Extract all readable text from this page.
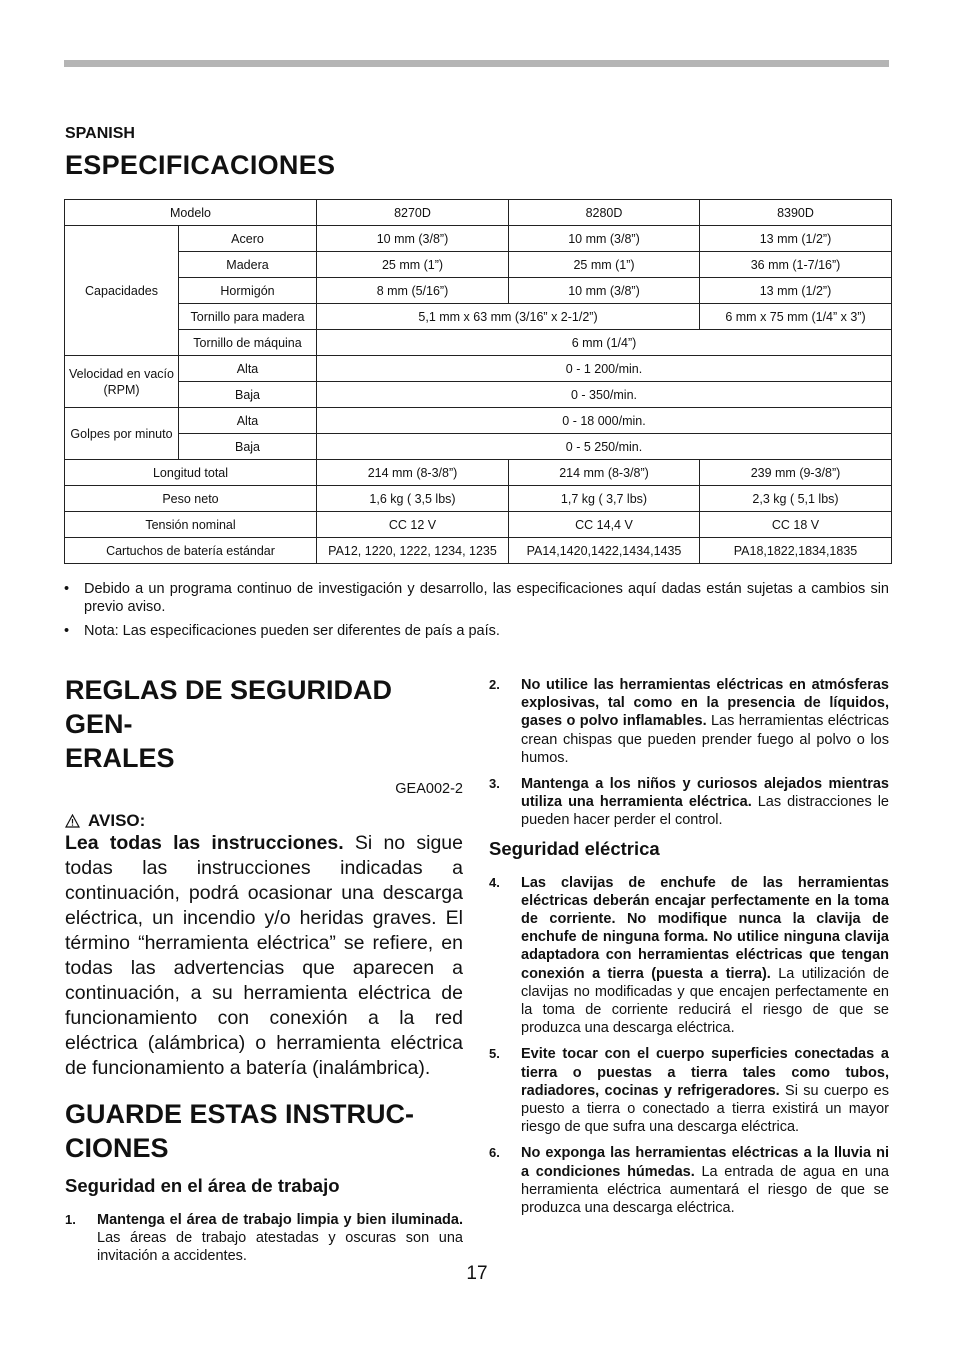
SPANISH
ESPECIFICACIONES
Modelo		8270D	8280D	8390D
Capacidades	Acero	10 mm (3/8”)	10 mm (3/8”)	13 mm (1/2”)
	Madera	25 mm (1”)	25 mm (1”)	36 mm (1-7/16”)
	Hormigón	8 mm (5/16”)	10 mm (3/8”)	13 mm (1/2”)
	Tornillo para madera	5,1 mm x 63 mm (3/16” x 2-1/2”)		6 mm x 75 mm (1/4” x 3”)
	Tornillo de máquina	6 mm (1/4”)		
Velocidad en vacío (RPM)	Alta	0 - 1 200/min.		
	Baja	0 - 350/min.		
Golpes por minuto	Alta	0 - 18 000/min.		
	Baja	0 - 5 250/min.		
Longitud total		214 mm (8-3/8”)	214 mm (8-3/8”)	239 mm (9-3/8”)
Peso neto		1,6 kg ( 3,5 lbs)	1,7 kg ( 3,7 lbs)	2,3 kg ( 5,1 lbs)
Tensión nominal		CC 12 V	CC 14,4 V	CC 18 V
Cartuchos de batería estándar		PA12, 1220, 1222, 1234, 1235	PA14,1420,1422,1434,1435	PA18,1822,1834,1835
•	Debido a un programa continuo de investigación y desarrollo, las especificaciones aquí dadas están sujetas a cambios sin previo aviso.
•	Nota: Las especificaciones pueden ser diferentes de país a país.
REGLAS DE SEGURIDAD GEN-
ERALES
GEA002-2
AVISO:
Lea todas las instrucciones. Si no sigue todas las instrucciones indicadas a continuación, podrá ocasionar una descarga eléctrica, un incendio y/o heridas graves. El término “herramienta eléctrica” se refiere, en todas las advertencias que aparecen a continuación, a su herramienta eléctrica de funcionamiento con conexión a la red eléctrica (alámbrica) o herramienta eléctrica de funcionamiento a batería (inalámbrica).
GUARDE ESTAS INSTRUC-
CIONES
Seguridad en el área de trabajo
1.	Mantenga el área de trabajo limpia y bien iluminada. Las áreas de trabajo atestadas y oscuras son una invitación a accidentes.
2.	No utilice las herramientas eléctricas en atmósferas explosivas, tal como en la presencia de líquidos, gases o polvo inflamables. Las herramientas eléctricas crean chispas que pueden prender fuego al polvo o los humos.
3.	Mantenga a los niños y curiosos alejados mientras utiliza una herramienta eléctrica. Las distracciones le pueden hacer perder el control.
Seguridad eléctrica
4.	Las clavijas de enchufe de las herramientas eléctricas deberán encajar perfectamente en la toma de corriente. No modifique nunca la clavija de enchufe de ninguna forma. No utilice ninguna clavija adaptadora con herramientas eléctricas que tengan conexión a tierra (puesta a tierra). La utilización de clavijas no modificadas y que encajen perfectamente en la toma de corriente reducirá el riesgo de que se produzca una descarga eléctrica.
5.	Evite tocar con el cuerpo superficies conectadas a tierra o puestas a tierra tales como tubos, radiadores, cocinas y refrigeradores. Si su cuerpo es puesto a tierra o conectado a tierra existirá un mayor riesgo de que sufra una descarga eléctrica.
6.	No exponga las herramientas eléctricas a la lluvia ni a condiciones húmedas. La entrada de agua en una herramienta eléctrica aumentará el riesgo de que se produzca una descarga eléctrica.
17
